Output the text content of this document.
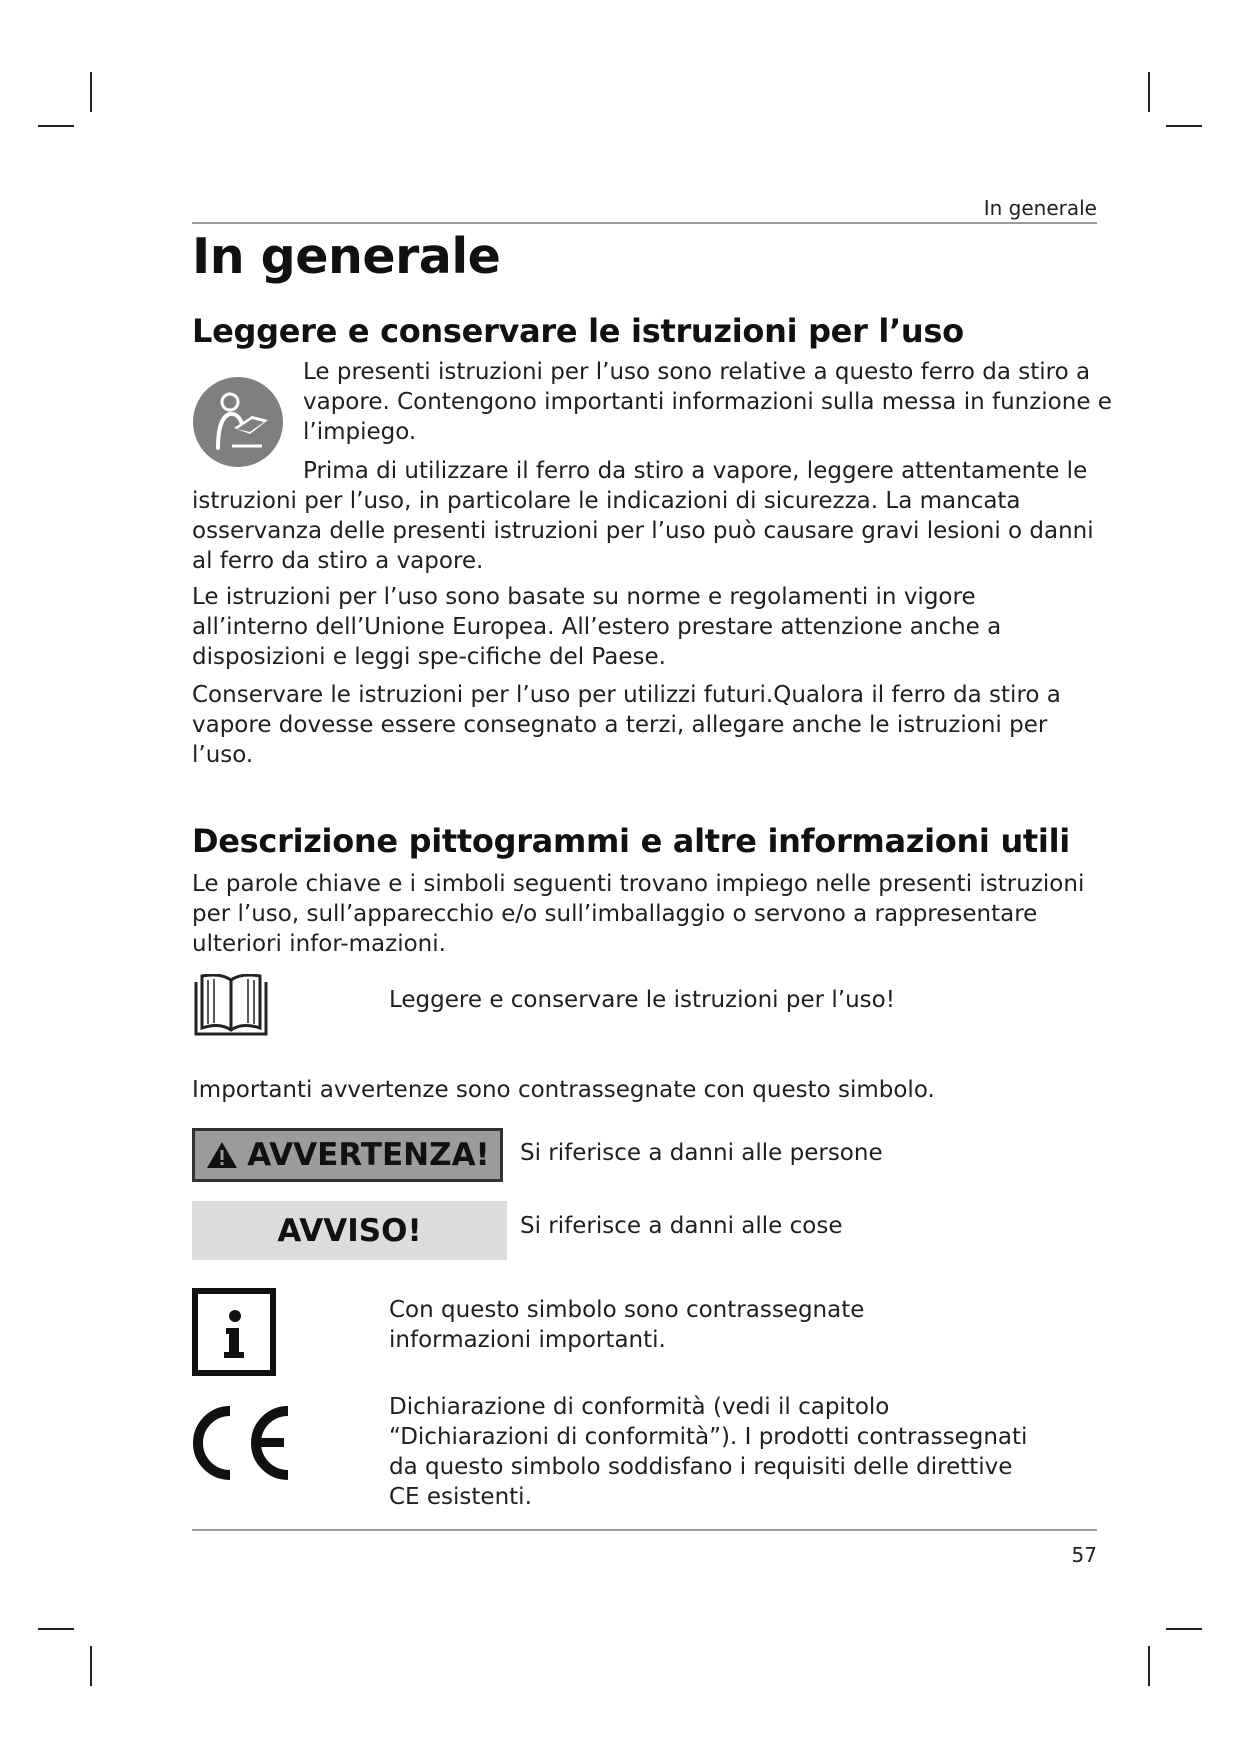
In generale
In generale
Leggere e conservare le istruzioni per l’uso

Le presenti istruzioni per l’uso sono relative a questo ferro da stiro a

vapore. Contengono importanti informazioni sulla messa in funzione e

l’impiego.

Prima di utilizzare il ferro da stiro a vapore, leggere attentamente le

istruzioni per l’uso, in particolare le indicazioni di sicurezza. La mancata osservanza delle presenti istruzioni per l’uso può causare gravi lesioni o danni al ferro da stiro a vapore.

Le istruzioni per l’uso sono basate su norme e regolamenti in vigore all’interno dell’Unione Europea. All’estero prestare attenzione anche a disposizioni e leggi spe-cifiche del Paese.

Conservare le istruzioni per l’uso per utilizzi futuri.Qualora il ferro da stiro a vapore dovesse essere consegnato a terzi, allegare anche le istruzioni per l’uso.

Descrizione pittogrammi e altre informazioni utili

Le parole chiave e i simboli seguenti trovano impiego nelle presenti istruzioni per l’uso, sull’apparecchio e/o sull’imballaggio o servono a rappresentare ulteriori infor-mazioni.

Leggere e conservare le istruzioni per l’uso!

Importanti avvertenze sono contrassegnate con questo simbolo.

AVVERTENZA! Si riferisce a danni alle persone

AVVISO!	Si riferisce a danni alle cose

Con questo simbolo sono contrassegnate informazioni importanti.

Dichiarazione di conformità (vedi il capitolo “Dichiarazioni di conformità”). I prodotti contrassegnati da questo simbolo soddisfano i requisiti delle direttive CE esistenti.

57
